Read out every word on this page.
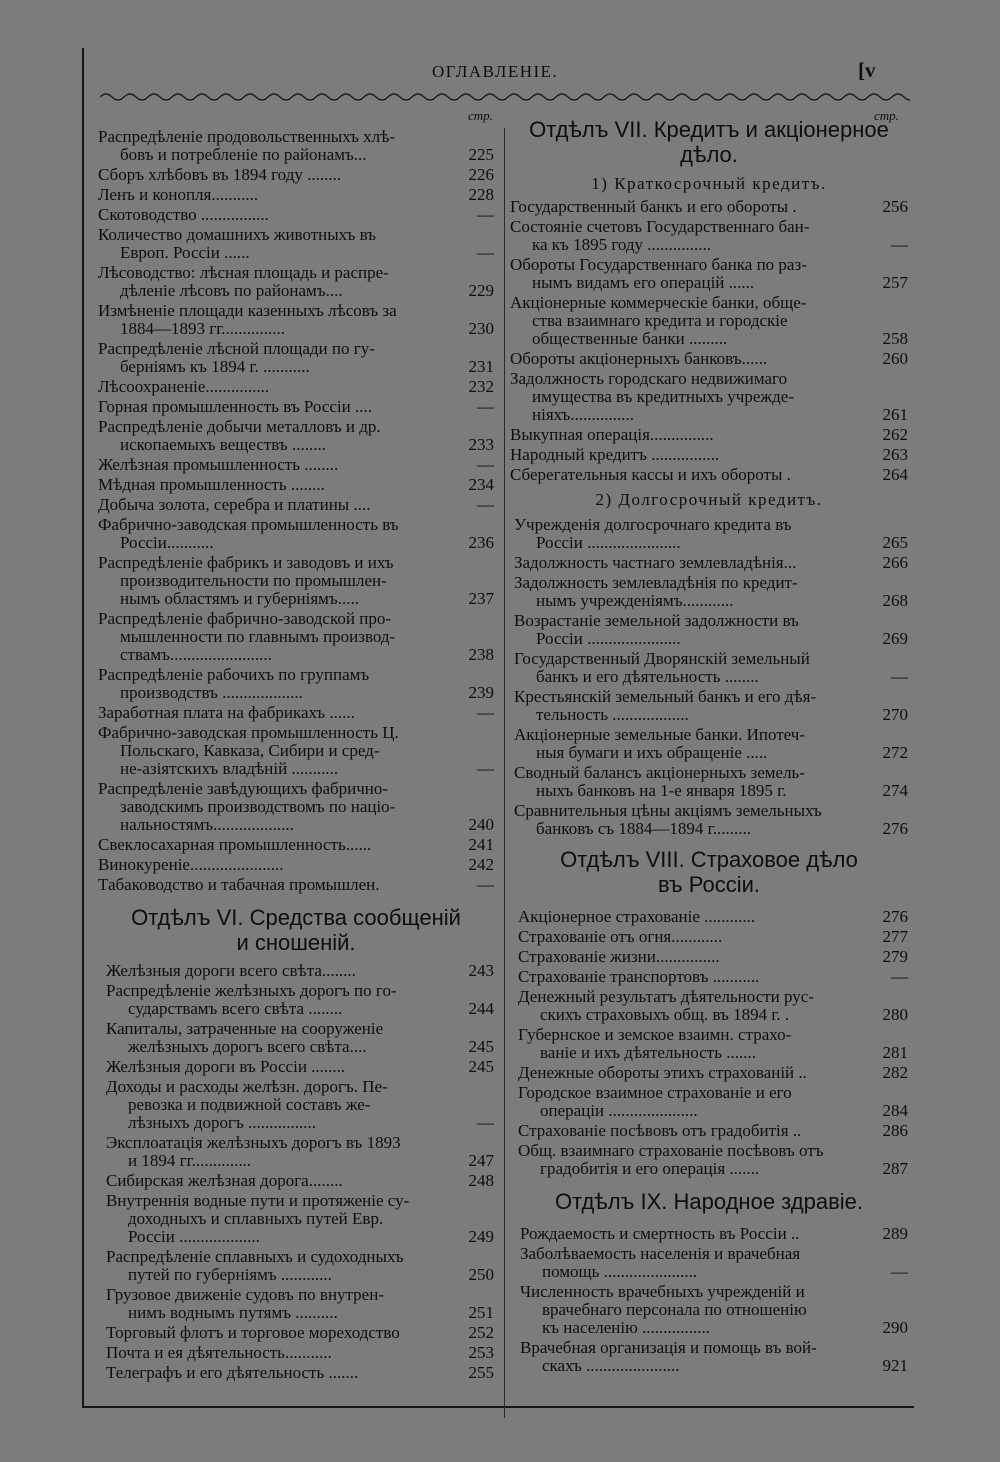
ОГЛАВЛЕНІЕ.	[v
стр.	стр.
Распредѣленіе продовольственныхъ хлѣ-
бовъ и потребленіе по районамъ...	225
Сборъ хлѣбовъ въ 1894 году ........	226
Ленъ и конопля...........	228
Скотоводство ................	—
Количество домашнихъ животныхъ въ
Европ. Россіи ......	—
Лѣсоводство: лѣсная площадь и распре-
дѣленіе лѣсовъ по районамъ....	229
Измѣненіе площади казенныхъ лѣсовъ за
1884—1893 гг...............	230
Распредѣленіе лѣсной площади по гу-
берніямъ къ 1894 г. ...........	231
Лѣсоохраненіе...............	232
Горная промышленность въ Россіи ....	—
Распредѣленіе добычи металловъ и др.
ископаемыхъ веществъ ........	233
Желѣзная промышленность ........	—
Мѣдная промышленность ........	234
Добыча золота, серебра и платины ....	—
Фабрично-заводская промышленность въ
Россіи...........	236
Распредѣленіе фабрикъ и заводовъ и ихъ
производительности по промышлен-
нымъ областямъ и губерніямъ.....	237
Распредѣленіе фабрично-заводской про-
мышленности по главнымъ производ-
ствамъ........................	238
Распредѣленіе рабочихъ по группамъ
производствъ ...................	239
Заработная плата на фабрикахъ ......	—
Фабрично-заводская промышленность Ц.
Польскаго, Кавказа, Сибири и сред-
не-азіятскихъ владѣній ...........	—
Распредѣленіе завѣдующихъ фабрично-
заводскимъ производствомъ по націо-
нальностямъ...................	240
Свеклосахарная промышленность......	241
Винокуреніе......................	242
Табаководство и табачная промышлен.	—
Отдѣлъ VI. Средства сообщеній
и сношеній.
Желѣзныя дороги всего свѣта........	243
Распредѣленіе желѣзныхъ дорогъ по го-
сударствамъ всего свѣта ........	244
Капиталы, затраченные на сооруженіе
желѣзныхъ дорогъ всего свѣта....	245
Желѣзныя дороги въ Россіи ........	245
Доходы и расходы желѣзн. дорогъ. Пе-
ревозка и подвижной составъ же-
лѣзныхъ дорогъ ................	—
Эксплоатація желѣзныхъ дорогъ въ 1893
и 1894 гг..............	247
Сибирская желѣзная дорога........	248
Внутреннія водные пути и протяженіе су-
доходныхъ и сплавныхъ путей Евр.
Россіи ...................	249
Распредѣленіе сплавныхъ и судоходныхъ
путей по губерніямъ ............	250
Грузовое движеніе судовъ по внутрен-
нимъ воднымъ путямъ ..........	251
Торговый флотъ и торговое мореходство	252
Почта и ея дѣятельность...........	253
Телеграфъ и его дѣятельность .......	255
Отдѣлъ VII. Кредитъ и акціонерное
дѣло.
1) Краткосрочный кредитъ.
Государственный банкъ и его обороты .	256
Состояніе счетовъ Государственнаго бан-
ка къ 1895 году ...............	—
Обороты Государственнаго банка по раз-
нымъ видамъ его операцій ......	257
Акціонерные коммерческіе банки, обще-
ства взаимнаго кредита и городскіе
общественные банки .........	258
Обороты акціонерныхъ банковъ......	260
Задолжность городскаго недвижимаго
имущества въ кредитныхъ учрежде-
ніяхъ...............	261
Выкупная операція...............	262
Народный кредитъ ................	263
Сберегательныя кассы и ихъ обороты .	264
2) Долгосрочный кредитъ.
Учрежденія долгосрочнаго кредита въ
Россіи ......................	265
Задолжность частнаго землевладѣнія...	266
Задолжность землевладѣнія по кредит-
нымъ учрежденіямъ............	268
Возрастаніе земельной задолжности въ
Россіи ......................	269
Государственный Дворянскій земельный
банкъ и его дѣятельность ........	—
Крестьянскій земельный банкъ и его дѣя-
тельность ..................	270
Акціонерные земельные банки. Ипотеч-
ныя бумаги и ихъ обращеніе .....	272
Сводный балансъ акціонерныхъ земель-
ныхъ банковъ на 1-е января 1895 г.	274
Сравнительныя цѣны акціямъ земельныхъ
банковъ съ 1884—1894 г.........	276
Отдѣлъ VIII. Страховое дѣло
въ Россіи.
Акціонерное страхованіе ............	276
Страхованіе отъ огня............	277
Страхованіе жизни...............	279
Страхованіе транспортовъ ...........	—
Денежный результатъ дѣятельности рус-
скихъ страховыхъ общ. въ 1894 г. .	280
Губернское и земское взаимн. страхо-
ваніе и ихъ дѣятельность .......	281
Денежные обороты этихъ страхованій ..	282
Городское взаимное страхованіе и его
операціи .....................	284
Страхованіе посѣвовъ отъ градобитія ..	286
Общ. взаимнаго страхованіе посѣвовъ отъ
градобитія и его операція .......	287
Отдѣлъ IX. Народное здравіе.
Рождаемость и смертность въ Россіи ..	289
Заболѣваемость населенія и врачебная
помощь ......................	—
Численность врачебныхъ учрежденій и
врачебнаго персонала по отношенію
къ населенію ................	290
Врачебная организація и помощь въ вой-
скахъ ......................	921
